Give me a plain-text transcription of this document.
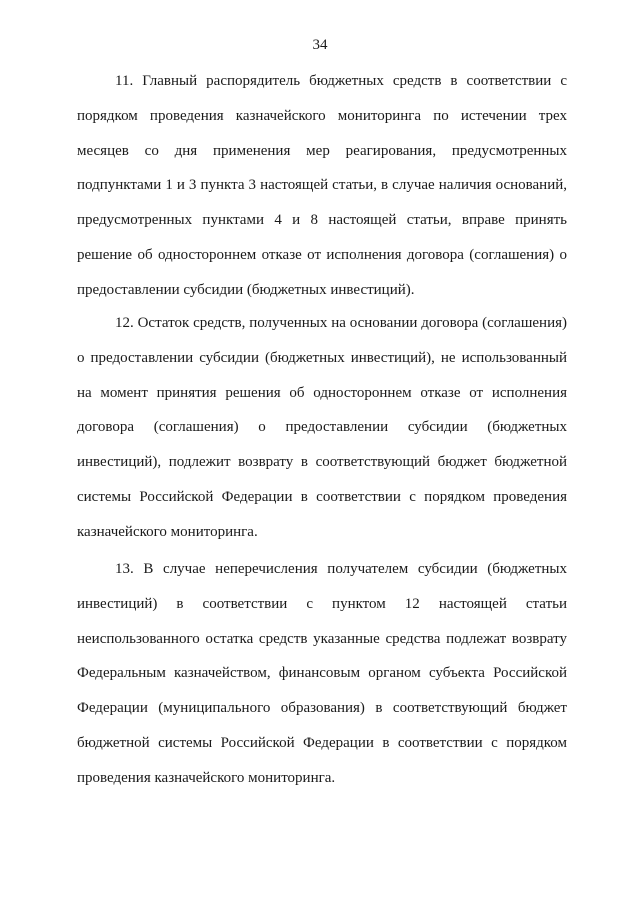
34

11. Главный распорядитель бюджетных средств в соответствии с порядком проведения казначейского мониторинга по истечении трех месяцев со дня применения мер реагирования, предусмотренных подпунктами 1 и 3 пункта 3 настоящей статьи, в случае наличия оснований, предусмотренных пунктами 4 и 8 настоящей статьи, вправе принять решение об одностороннем отказе от исполнения договора (соглашения) о предоставлении субсидии (бюджетных инвестиций).

12. Остаток средств, полученных на основании договора (соглашения) о предоставлении субсидии (бюджетных инвестиций), не использованный на момент принятия решения об одностороннем отказе от исполнения договора (соглашения) о предоставлении субсидии (бюджетных инвестиций), подлежит возврату в соответствующий бюджет бюджетной системы Российской Федерации в соответствии с порядком проведения казначейского мониторинга.

13. В случае неперечисления получателем субсидии (бюджетных инвестиций) в соответствии с пунктом 12 настоящей статьи неиспользованного остатка средств указанные средства подлежат возврату Федеральным казначейством, финансовым органом субъекта Российской Федерации (муниципального образования) в соответствующий бюджет бюджетной системы Российской Федерации в соответствии с порядком проведения казначейского мониторинга.
